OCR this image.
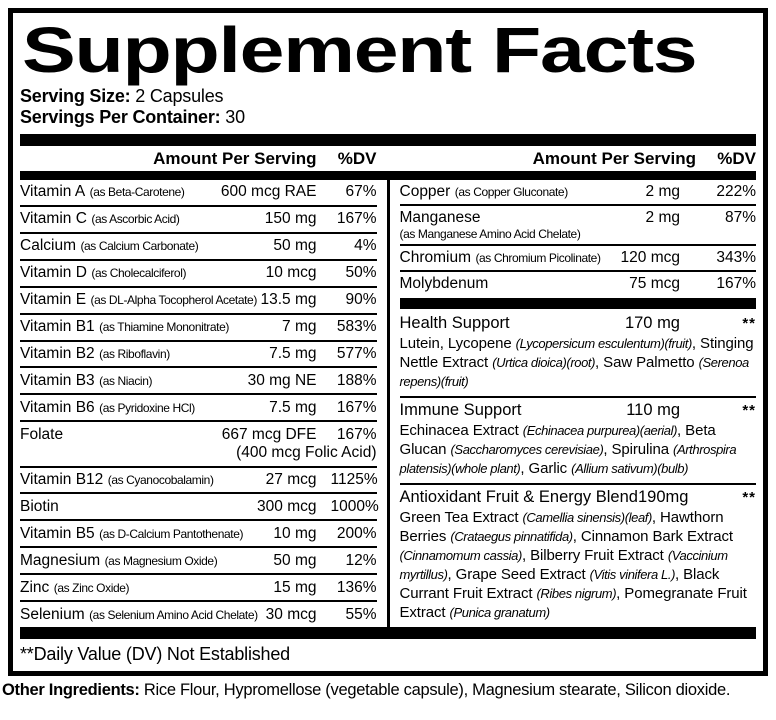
Supplement Facts
Serving Size: 2 Capsules
Servings Per Container: 30
Amount Per Serving	%DV	Amount Per Serving	%DV
Vitamin A (as Beta-Carotene)	600 mcg RAE	67%
Vitamin C (as Ascorbic Acid)	150 mg	167%
Calcium (as Calcium Carbonate)	50 mg	4%
Vitamin D (as Cholecalciferol)	10 mcg	50%
Vitamin E (as DL-Alpha Tocopherol Acetate) 13.5 mg	90%
Vitamin B1 (as Thiamine Mononitrate)	7 mg	583%
Vitamin B2 (as Riboflavin)	7.5 mg	577%
Vitamin B3 (as Niacin)	30 mg NE	188%
Vitamin B6 (as Pyridoxine HCl)	7.5 mg	167%
Folate	667 mcg DFE	167%
(400 mcg Folic Acid)
Vitamin B12 (as Cyanocobalamin)	27 mcg 1125%
Biotin	300 mcg 1000%
Vitamin B5 (as D-Calcium Pantothenate)	10 mg	200%
Magnesium (as Magnesium Oxide)	50 mg	12%
Zinc (as Zinc Oxide)	15 mg	136%
Selenium (as Selenium Amino Acid Chelate) 30 mcg	55%
Copper (as Copper Gluconate)	2 mg	222%
Manganese	2 mg	87%
(as Manganese Amino Acid Chelate)
Chromium (as Chromium Picolinate)	120 mcg	343%
Molybdenum	75 mcg	167%
Health Support	170 mg	**
Lutein, Lycopene (Lycopersicum esculentum)(fruit), Stinging Nettle Extract (Urtica dioica)(root), Saw Palmetto (Serenoa repens)(fruit)
Immune Support	110 mg	**
Echinacea Extract (Echinacea purpurea)(aerial), Beta Glucan (Saccharomyces cerevisiae), Spirulina (Arthrospira platensis)(whole plant), Garlic (Allium sativum)(bulb)
Antioxidant Fruit & Energy Blend 190mg	**
Green Tea Extract (Camellia sinensis)(leaf), Hawthorn Berries (Crataegus pinnatifida), Cinnamon Bark Extract (Cinnamomum cassia), Bilberry Fruit Extract (Vaccinium myrtillus), Grape Seed Extract (Vitis vinifera L.), Black Currant Fruit Extract (Ribes nigrum), Pomegranate Fruit Extract (Punica granatum)
**Daily Value (DV) Not Established
Other Ingredients: Rice Flour, Hypromellose (vegetable capsule), Magnesium stearate, Silicon dioxide.
